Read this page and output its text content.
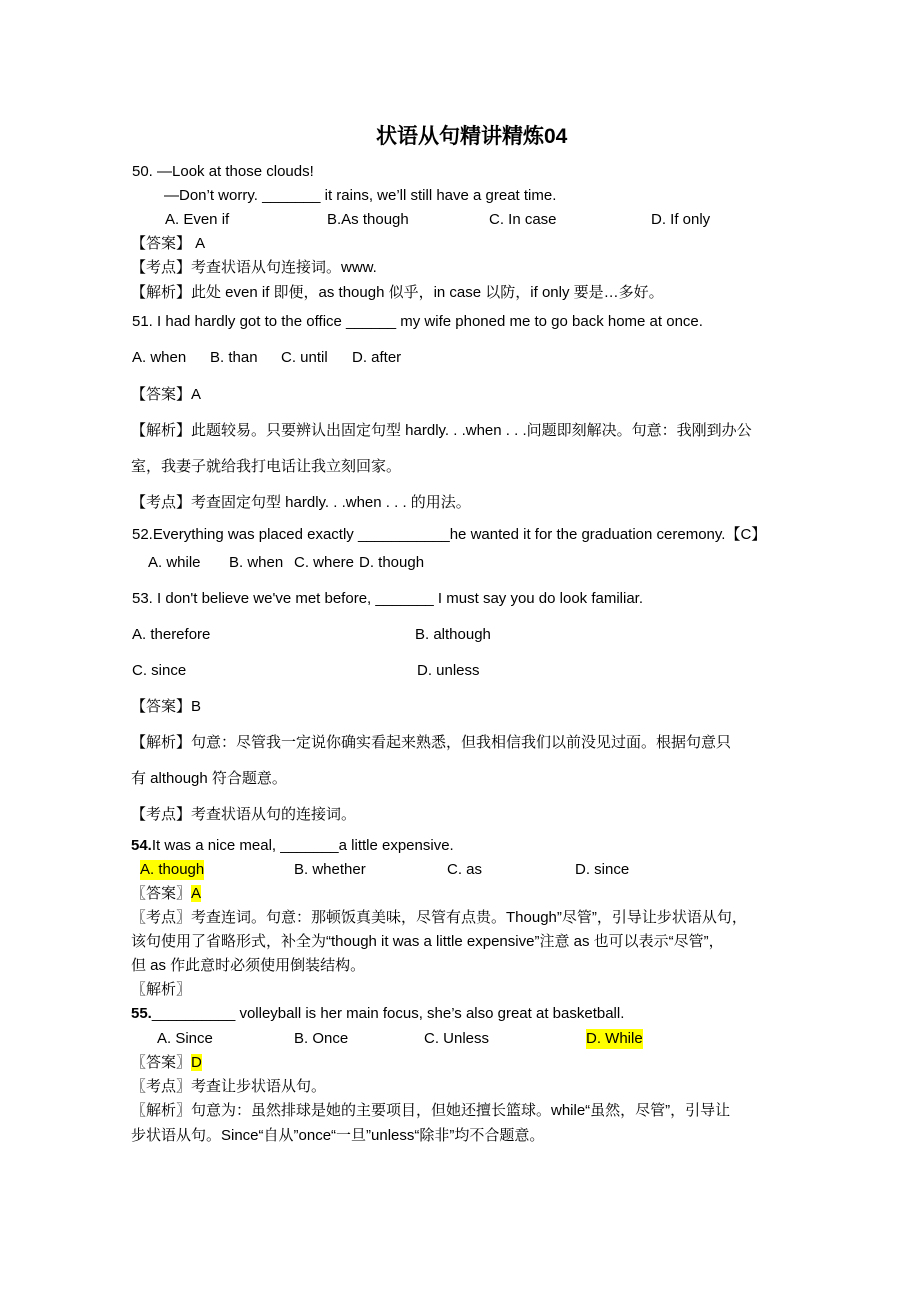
状语从句精讲精炼04
50. —Look at those clouds!
—Don’t worry. _______ it rains, we’ll still have a great time.
A. Even if	B.As though	C. In case	D. If only
【答案】 A
【考点】考查状语从句连接词。www.
【解析】此处 even if 即便，as though 似乎，in case 以防，if only 要是…多好。
51. I had hardly got to the office ______ my wife phoned me to go back home at once.
A. when B. than C. until D. after
【答案】A
【解析】此题较易。只要辨认出固定句型 hardly. . .when . . .问题即刻解决。句意：我刚到办公
室，我妻子就给我打电话让我立刻回家。
【考点】考查固定句型 hardly. . .when . . . 的用法。
52.Everything was placed exactly ___________he wanted it for the graduation ceremony.【C】
A. while B. when C. where D. though
53. I don't believe we've met before, _______ I must say you do look familiar.
A. therefore	B. although
C. since	D. unless
【答案】B
【解析】句意：尽管我一定说你确实看起来熟悉，但我相信我们以前没见过面。根据句意只
有 although 符合题意。
【考点】考查状语从句的连接词。
54.It was a nice meal, _______a little expensive.
A. though	B. whether	C. as	D. since
〖答案〗A
〖考点〗考查连词。句意：那顿饭真美味，尽管有点贵。Though”尽管”，引导让步状语从句，
该句使用了省略形式，补全为“though it was a little expensive”注意 as 也可以表示“尽管”，
但 as 作此意时必须使用倒装结构。
〖解析〗
55.__________ volleyball is her main focus, she’s also great at basketball.
A. Since	B. Once	C. Unless	D. While
〖答案〗D
〖考点〗考查让步状语从句。
〖解析〗句意为：虽然排球是她的主要项目，但她还擅长篮球。while“虽然，尽管”，引导让
步状语从句。Since“自从”once“一旦”unless“除非”均不合题意。
